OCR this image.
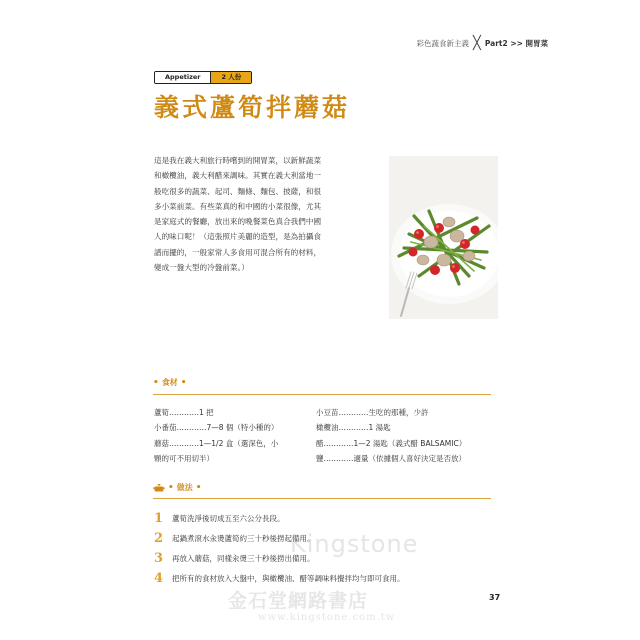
彩色蔬食新主義 ╳ Part2 >> 開胃菜
Appetizer	2 人份
義式蘆筍拌蘑菇
這是我在義大利旅行時嚐到的開胃菜，以新鮮蔬菜
和橄欖油，義大利醋來調味。其實在義大利當地一
般吃很多的蔬菜、起司、麵條、麵包、披薩，和很
多小菜前菜。有些菜真的和中國的小菜很像，尤其
是家庭式的餐廳，放出來的晚餐菜色真合我們中國
人的味口呢！（這張照片美麗的造型，是為拍攝食
譜而擺的，一般家常人多食用可混合所有的材料，
變成一盤大型的冷盤前菜。）
• 食材 •
蘆筍…………1 把
小番茄…………7—8 個（特小種的）
蘑菇…………1—1/2 盒（選深色，小
顆的可不用切半）
小豆苗…………生吃的那種，少許
橄欖油…………1 湯匙
醋…………1—2 湯匙（義式醋 BALSAMIC）
鹽…………適量（依據個人喜好決定是否放）
• 做法 •
1	蘆筍洗淨後切成五至六公分長段。
2	起鍋煮滾水汆燙蘆筍約三十秒後撈起備用。
3	再放入蘑菇，同樣汆燙三十秒後撈出備用。
4	把所有的食材放入大盤中，與橄欖油、醋等調味料攪拌均勻即可食用。
37
Kingstone
金石堂網路書店
www.kingstone.com.tw
